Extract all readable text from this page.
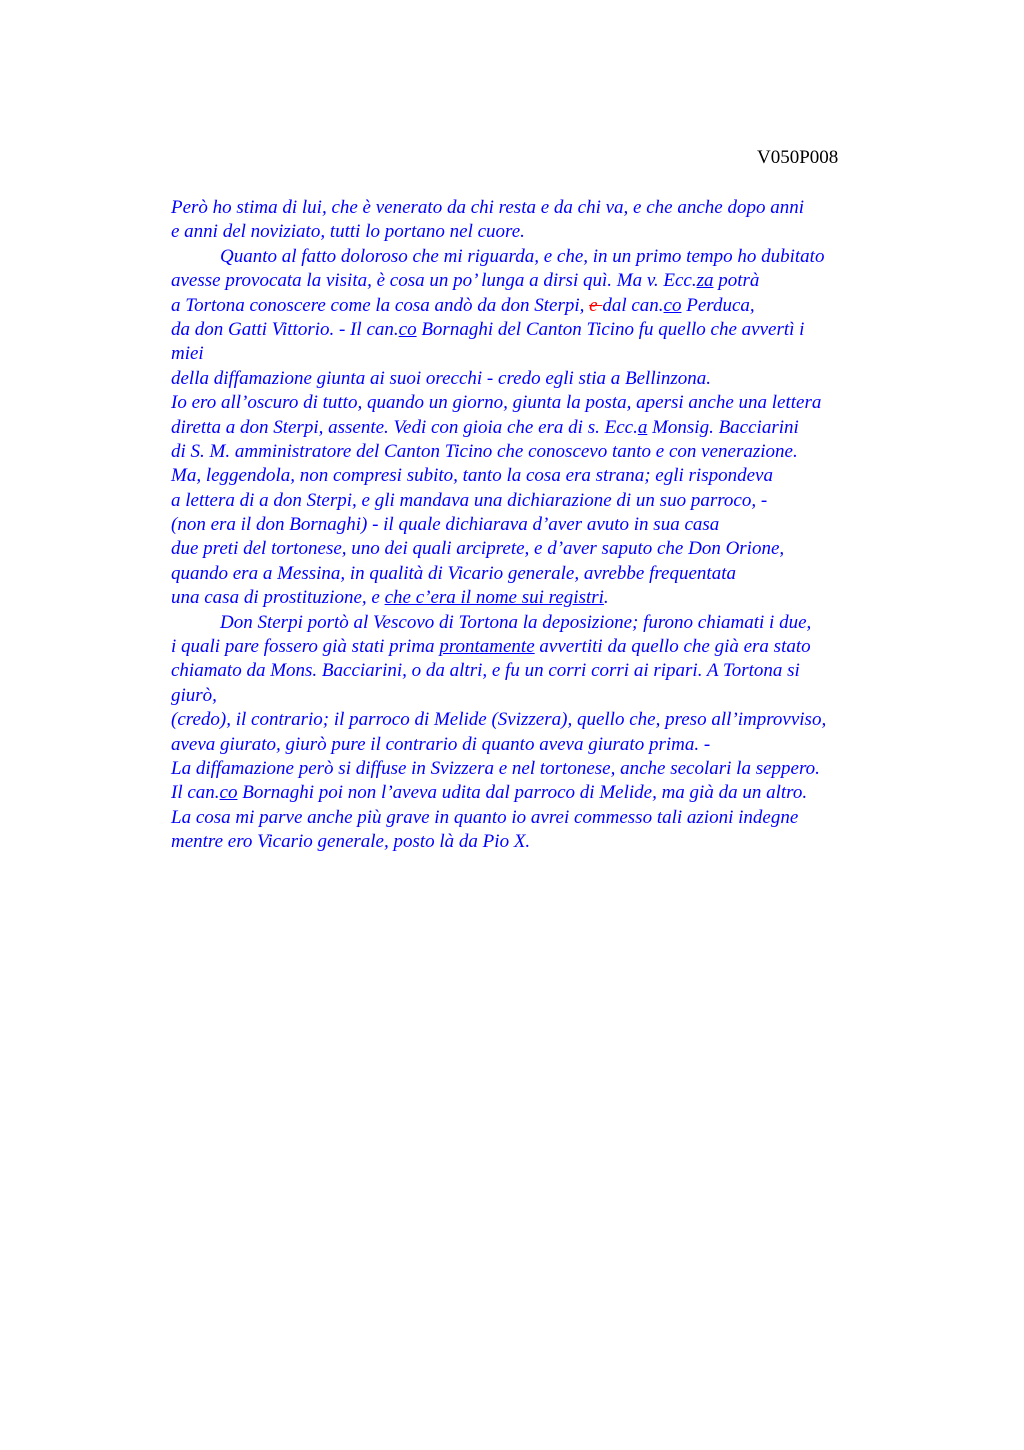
V050P008
Però ho stima di lui, che è venerato da chi resta e da chi va, e che anche dopo anni
e anni del noviziato, tutti lo portano nel cuore.
Quanto al fatto doloroso che mi riguarda, e che, in un primo tempo ho dubitato
avesse provocata la visita, è cosa un po’ lunga a dirsi quì. Ma v. Ecc.za potrà
a Tortona conoscere come la cosa andò da don Sterpi, e dal can.co Perduca,
da don Gatti Vittorio. - Il can.co Bornaghi del Canton Ticino fu quello che avvertì i
miei
della diffamazione giunta ai suoi orecchi - credo egli stia a Bellinzona.
Io ero all’oscuro di tutto, quando un giorno, giunta la posta, apersi anche una lettera
diretta a don Sterpi, assente. Vedi con gioia che era di s. Ecc.a Monsig. Bacciarini
di S. M. amministratore del Canton Ticino che conoscevo tanto e con venerazione.
Ma, leggendola, non compresi subito, tanto la cosa era strana; egli rispondeva
a lettera di a don Sterpi, e gli mandava una dichiarazione di un suo parroco, -
(non era il don Bornaghi) - il quale dichiarava d’aver avuto in sua casa
due preti del tortonese, uno dei quali arciprete, e d’aver saputo che Don Orione,
quando era a Messina, in qualità di Vicario generale, avrebbe frequentata
una casa di prostituzione, e che c’era il nome sui registri.
Don Sterpi portò al Vescovo di Tortona la deposizione; furono chiamati i due,
i quali pare fossero già stati prima prontamente avvertiti da quello che già era stato
chiamato da Mons. Bacciarini, o da altri, e fu un corri corri ai ripari. A Tortona si
giurò,
(credo), il contrario; il parroco di Melide (Svizzera), quello che, preso all’improvviso,
aveva giurato, giurò pure il contrario di quanto aveva giurato prima. -
La diffamazione però si diffuse in Svizzera e nel tortonese, anche secolari la seppero.
Il can.co Bornaghi poi non l’aveva udita dal parroco di Melide, ma già da un altro.
La cosa mi parve anche più grave in quanto io avrei commesso tali azioni indegne
mentre ero Vicario generale, posto là da Pio X.
